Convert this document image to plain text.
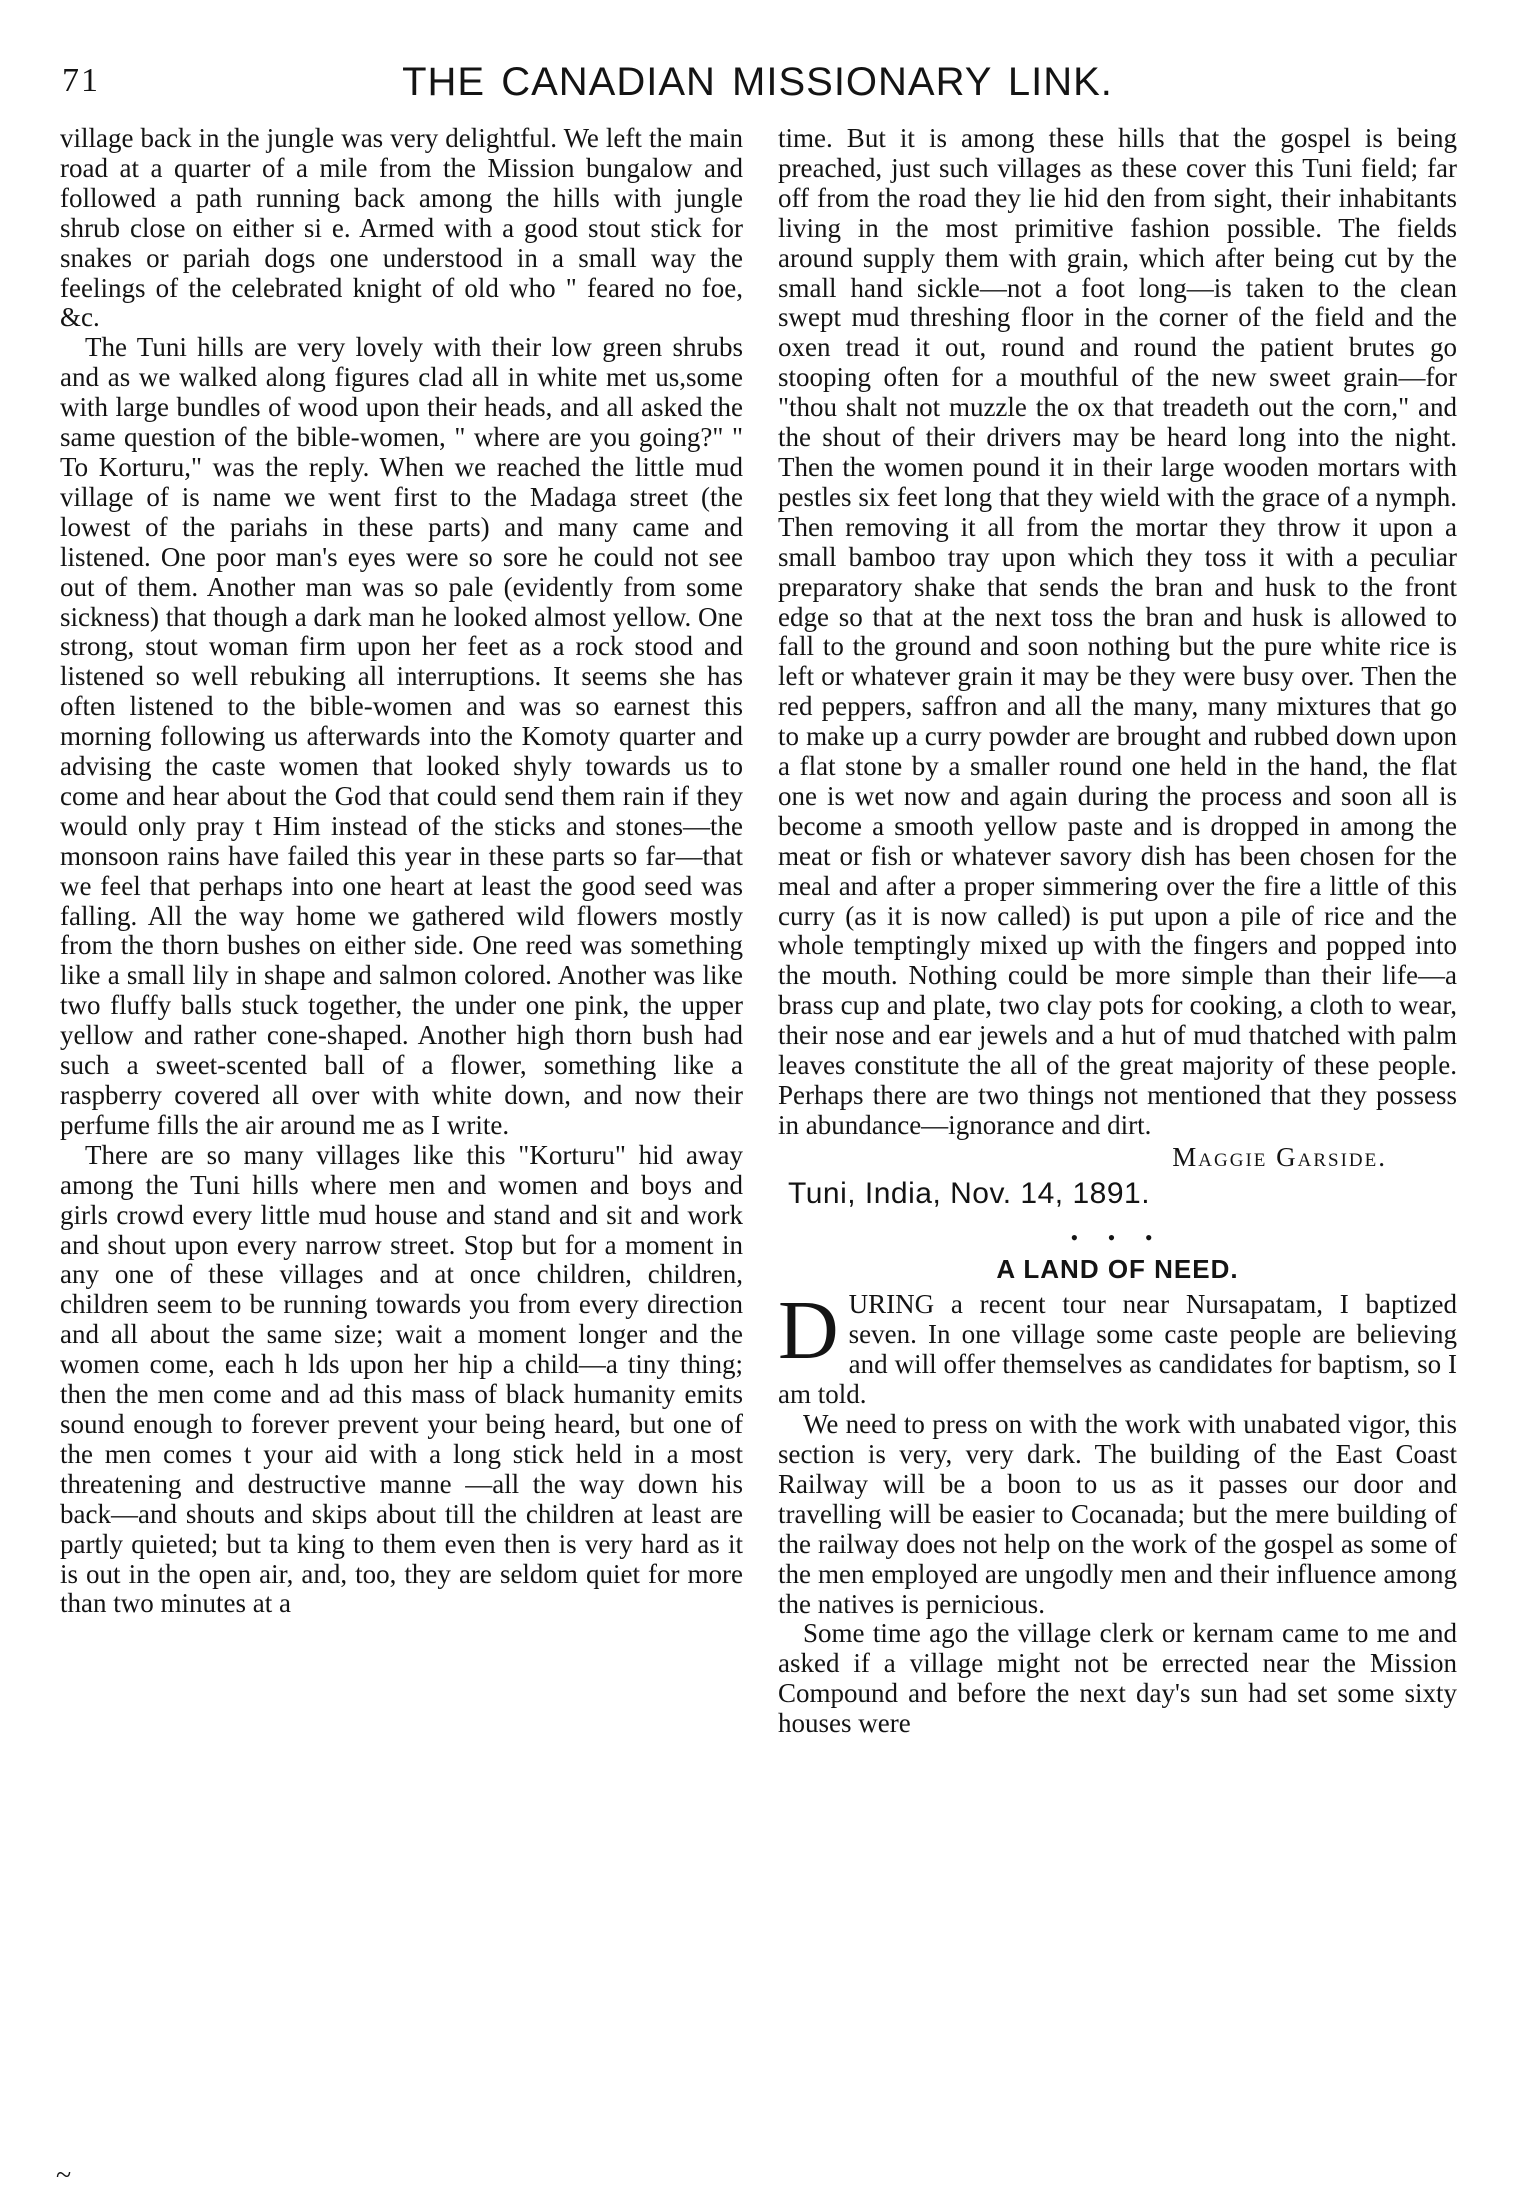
71	THE CANADIAN MISSIONARY LINK.

village back in the jungle was very delightful. We left the main road at a quarter of a mile from the Mission bungalow and followed a path running back among the hills with jungle shrub close on either si e. Armed with a good stout stick for snakes or pariah dogs one understood in a small way the feelings of the celebrated knight of old who " feared no foe, &c.

The Tuni hills are very lovely with their low green shrubs and as we walked along figures clad all in white met us,some with large bundles of wood upon their heads, and all asked the same question of the bible-women, " where are you going?" " To Korturu," was the reply. When we reached the little mud village of is name we went first to the Madaga street (the lowest of the pariahs in these parts) and many came and listened. One poor man's eyes were so sore he could not see out of them. Another man was so pale (evidently from some sickness) that though a dark man he looked almost yellow. One strong, stout woman firm upon her feet as a rock stood and listened so well rebuking all interruptions. It seems she has often listened to the bible-women and was so earnest this morning following us afterwards into the Komoty quarter and advising the caste women that looked shyly towards us to come and hear about the God that could send them rain if they would only pray t Him instead of the sticks and stones—the monsoon rains have failed this year in these parts so far—that we feel that perhaps into one heart at least the good seed was falling. All the way home we gathered wild flowers mostly from the thorn bushes on either side. One reed was something like a small lily in shape and salmon colored. Another was like two fluffy balls stuck together, the under one pink, the upper yellow and rather cone-shaped. Another high thorn bush had such a sweet-scented ball of a flower, something like a raspberry covered all over with white down, and now their perfume fills the air around me as I write.

There are so many villages like this "Korturu" hid away among the Tuni hills where men and women and boys and girls crowd every little mud house and stand and sit and work and shout upon every narrow street. Stop but for a moment in any one of these villages and at once children, children, children seem to be running towards you from every direction and all about the same size; wait a moment longer and the women come, each h lds upon her hip a child—a tiny thing; then the men come and ad this mass of black humanity emits sound enough to forever prevent your being heard, but one of the men comes t your aid with a long stick held in a most threatening and destructive manne —all the way down his back—and shouts and skips about till the children at least are partly quieted; but ta king to them even then is very hard as it is out in the open air, and, too, they are seldom quiet for more than two minutes at a

time. But it is among these hills that the gospel is being preached, just such villages as these cover this Tuni field; far off from the road they lie hid den from sight, their inhabitants living in the most primitive fashion possible. The fields around supply them with grain, which after being cut by the small hand sickle—not a foot long—is taken to the clean swept mud threshing floor in the corner of the field and the oxen tread it out, round and round the patient brutes go stooping often for a mouthful of the new sweet grain—for "thou shalt not muzzle the ox that treadeth out the corn," and the shout of their drivers may be heard long into the night. Then the women pound it in their large wooden mortars with pestles six feet long that they wield with the grace of a nymph. Then removing it all from the mortar they throw it upon a small bamboo tray upon which they toss it with a peculiar preparatory shake that sends the bran and husk to the front edge so that at the next toss the bran and husk is allowed to fall to the ground and soon nothing but the pure white rice is left or whatever grain it may be they were busy over. Then the red peppers, saffron and all the many, many mixtures that go to make up a curry powder are brought and rubbed down upon a flat stone by a smaller round one held in the hand, the flat one is wet now and again during the process and soon all is become a smooth yellow paste and is dropped in among the meat or fish or whatever savory dish has been chosen for the meal and after a proper simmering over the fire a little of this curry (as it is now called) is put upon a pile of rice and the whole temptingly mixed up with the fingers and popped into the mouth. Nothing could be more simple than their life—a brass cup and plate, two clay pots for cooking, a cloth to wear, their nose and ear jewels and a hut of mud thatched with palm leaves constitute the all of the great majority of these people. Perhaps there are two things not mentioned that they possess in abundance—ignorance and dirt.

Maggie Garside.
Tuni, India, Nov. 14, 1891.
• • •
A LAND OF NEED.

DURING a recent tour near Nursapatam, I baptized seven. In one village some caste people are believing and will offer themselves as candidates for baptism, so I am told.

We need to press on with the work with unabated vigor, this section is very, very dark. The building of the East Coast Railway will be a boon to us as it passes our door and travelling will be easier to Cocanada; but the mere building of the railway does not help on the work of the gospel as some of the men employed are ungodly men and their influence among the natives is pernicious.

Some time ago the village clerk or kernam came to me and asked if a village might not be errected near the Mission Compound and before the next day's sun had set some sixty houses were

~
